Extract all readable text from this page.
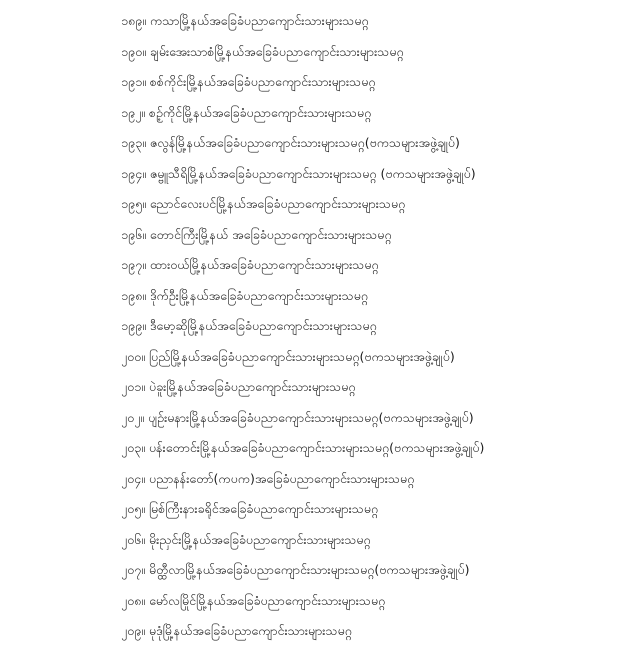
၁၈၉။ ကသာမြို့နယ်အခြေခံပညာကျောင်းသားများသမဂ္ဂ
၁၉၀။ ချမ်းအေးသာစံမြို့နယ်အခြေခံပညာကျောင်းသားများသမဂ္ဂ
၁၉၁။ စစ်ကိုင်းမြို့နယ်အခြေခံပညာကျောင်းသားများသမဂ္ဂ
၁၉၂။ စဉ့်ကိုင်မြို့နယ်အခြေခံပညာကျောင်းသားများသမဂ္ဂ
၁၉၃။ ဇလွန်မြို့နယ်အခြေခံပညာကျောင်းသားများသမဂ္ဂ(ဗကသများအဖွဲ့ချုပ်)
၁၉၄။ ဇမ္ဗူသီရိမြို့နယ်အခြေခံပညာကျောင်းသားများသမဂ္ဂ (ဗကသများအဖွဲ့ချုပ်)
၁၉၅။ ညောင်လေးပင်မြို့နယ်အခြေခံပညာကျောင်းသားများသမဂ္ဂ
၁၉၆။ တောင်ကြီးမြို့နယ် အခြေခံပညာကျောင်းသားများသမဂ္ဂ
၁၉၇။ ထားဝယ်မြို့နယ်အခြေခံပညာကျောင်းသားများသမဂ္ဂ
၁၉၈။ ဒိုက်ဦးမြို့နယ်အခြေခံပညာကျောင်းသားများသမဂ္ဂ
၁၉၉။ ဒီမော့ဆိုမြို့နယ်အခြေခံပညာကျောင်းသားများသမဂ္ဂ
၂၀၀။ ပြည်မြို့နယ်အခြေခံပညာကျောင်းသားများသမဂ္ဂ(ဗကသများအဖွဲ့ချုပ်)
၂၀၁။ ပဲခူးမြို့နယ်အခြေခံပညာကျောင်းသားများသမဂ္ဂ
၂၀၂။ ပျဉ်းမနားမြို့နယ်အခြေခံပညာကျောင်းသားများသမဂ္ဂ(ဗကသများအဖွဲ့ချုပ်)
၂၀၃။ ပန်းတောင်းမြို့နယ်အခြေခံပညာကျောင်းသားများသမဂ္ဂ(ဗကသများအဖွဲ့ချုပ်)
၂၀၄။ ပညာနန်းတော်(ကပက)အခြေခံပညာကျောင်းသားများသမဂ္ဂ
၂၀၅။ မြစ်ကြီးနားခရိုင်အခြေခံပညာကျောင်းသားများသမဂ္ဂ
၂၀၆။ မိုးညှင်းမြို့နယ်အခြေခံပညာကျောင်းသားများသမဂ္ဂ
၂၀၇။ မိတ္ထီလာမြို့နယ်အခြေခံပညာကျောင်းသားများသမဂ္ဂ(ဗကသများအဖွဲ့ချုပ်)
၂၀၈။ မော်လမြိုင်မြို့နယ်အခြေခံပညာကျောင်းသားများသမဂ္ဂ
၂၀၉။ မုဒုံမြို့နယ်အခြေခံပညာကျောင်းသားများသမဂ္ဂ
